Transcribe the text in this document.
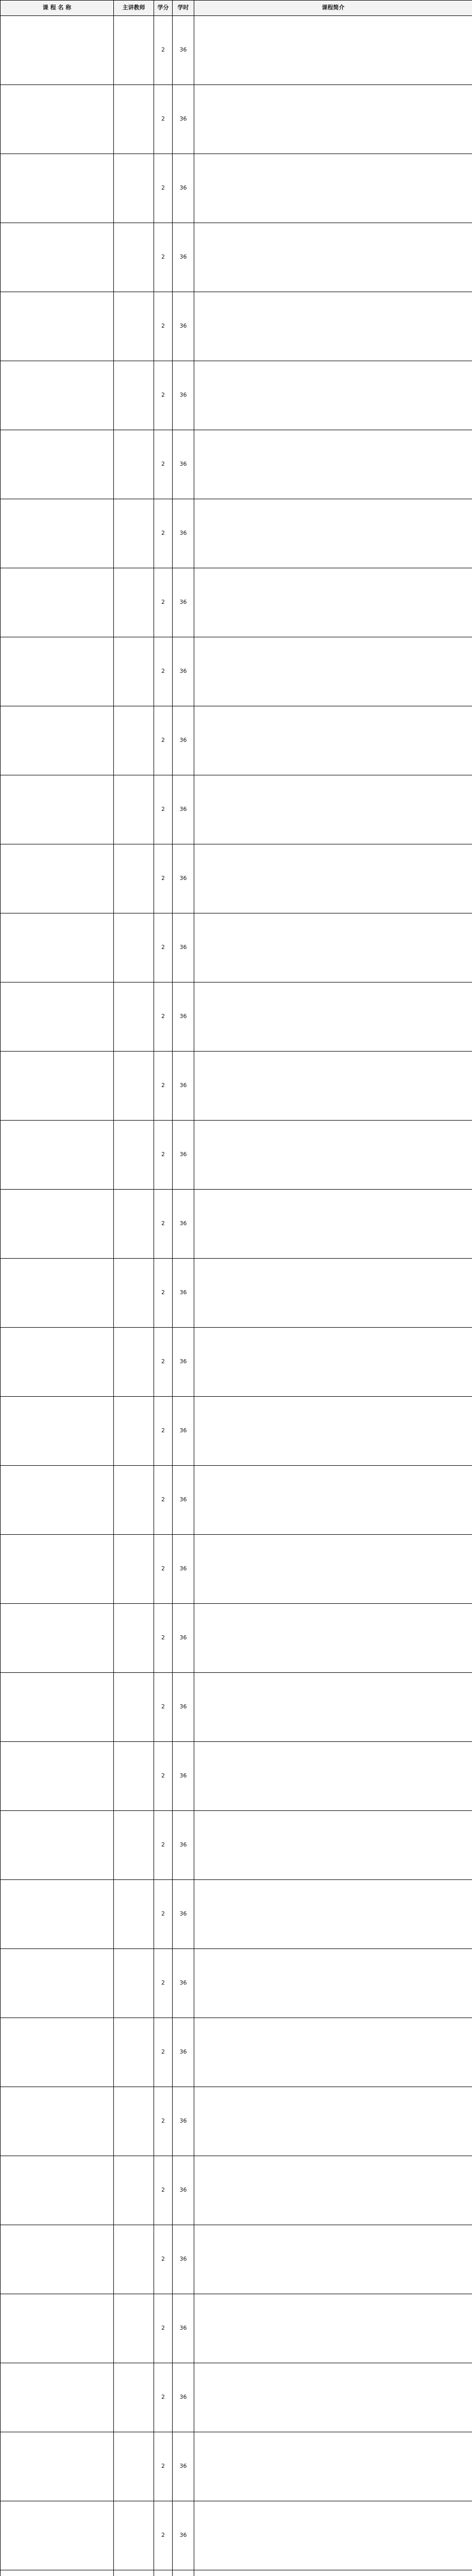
课 程 名 称	主讲教师	学分	学时	课程简介
		2	36	
		2	36	
		2	36	
		2	36	
		2	36	
		2	36	
		2	36	
		2	36	
		2	36	
		2	36	
		2	36	
		2	36	
		2	36	
		2	36	
		2	36	
		2	36	
		2	36	
		2	36	
		2	36	
		2	36	
		2	36	
		2	36	
		2	36	
		2	36	
		2	36	
		2	36	
		2	36	
		2	36	
		2	36	
		2	36	
		2	36	
		2	36	
		2	36	
		2	36	
		2	36	
		2	36	
		2	36	
